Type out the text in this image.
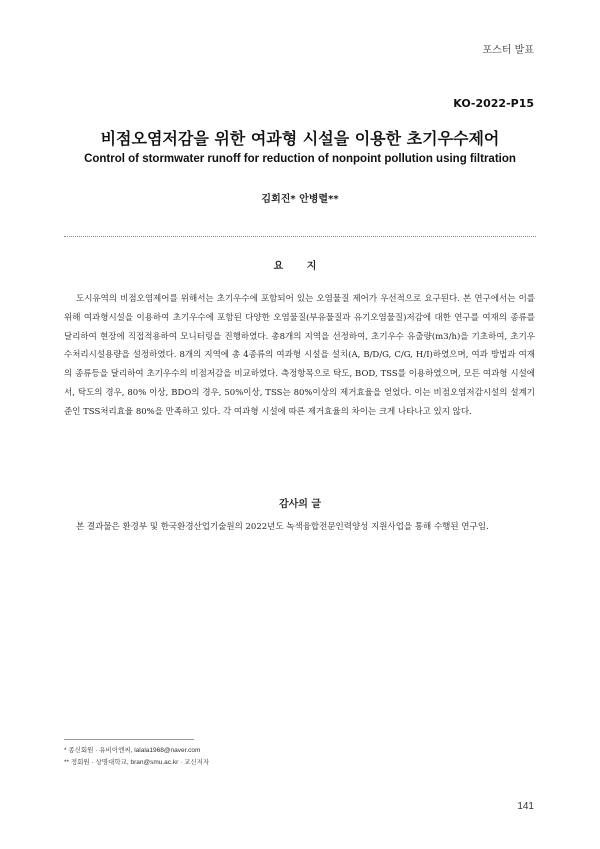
포스터 발표
KO-2022-P15
비점오염저감을 위한 여과형 시설을 이용한 초기우수제어
Control of stormwater runoff for reduction of nonpoint pollution using filtration
김회진* 안병렬**
요 지

도시유역의 비점오염제어를 위해서는 초기우수에 포함되어 있는 오염물질 제어가 우선적으로 요구된다. 본 연구에서는 이를 위해 여과형시설을 이용하여 초기우수에 포함된 다양한 오염물질(부유물질과 유기오염물질)저감에 대한 연구를 여재의 종류를 달리하여 현장에 직접적용하여 모니터링을 진행하였다. 총8개의 지역을 선정하여, 초기우수 유출량(m3/h)을 기초하여, 초기우수처리시설용량을 설정하였다. 8개의 지역에 총 4종류의 여과형 시설을 설치(A, B/D/G, C/G, H/I)하였으며, 여과 방법과 여재의 종류등을 달리하여 초기우수의 비점저감을 비교하였다. 측정항목으로 탁도, BOD, TSS를 이용하였으며, 모든 여과형 시설에서, 탁도의 경우, 80% 이상, BDO의 경우, 50%이상, TSS는 80%이상의 제거효율을 얻었다. 이는 비점오염저감시설의 설계기준인 TSS처리효율 80%을 만족하고 있다. 각 여과형 시설에 따른 제거효율의 차이는 크게 나타나고 있지 않다.

감사의 글

본 결과물은 환경부 및 한국환경산업기술원의 2022년도 녹색융합전문인력양성 지원사업을 통해 수행된 연구임.

* 종신회원 · 유비이엔씨, lalala1968@naver.com
** 정회원 · 상명대학교, bran@smu.ac.kr · 교신저자
141
